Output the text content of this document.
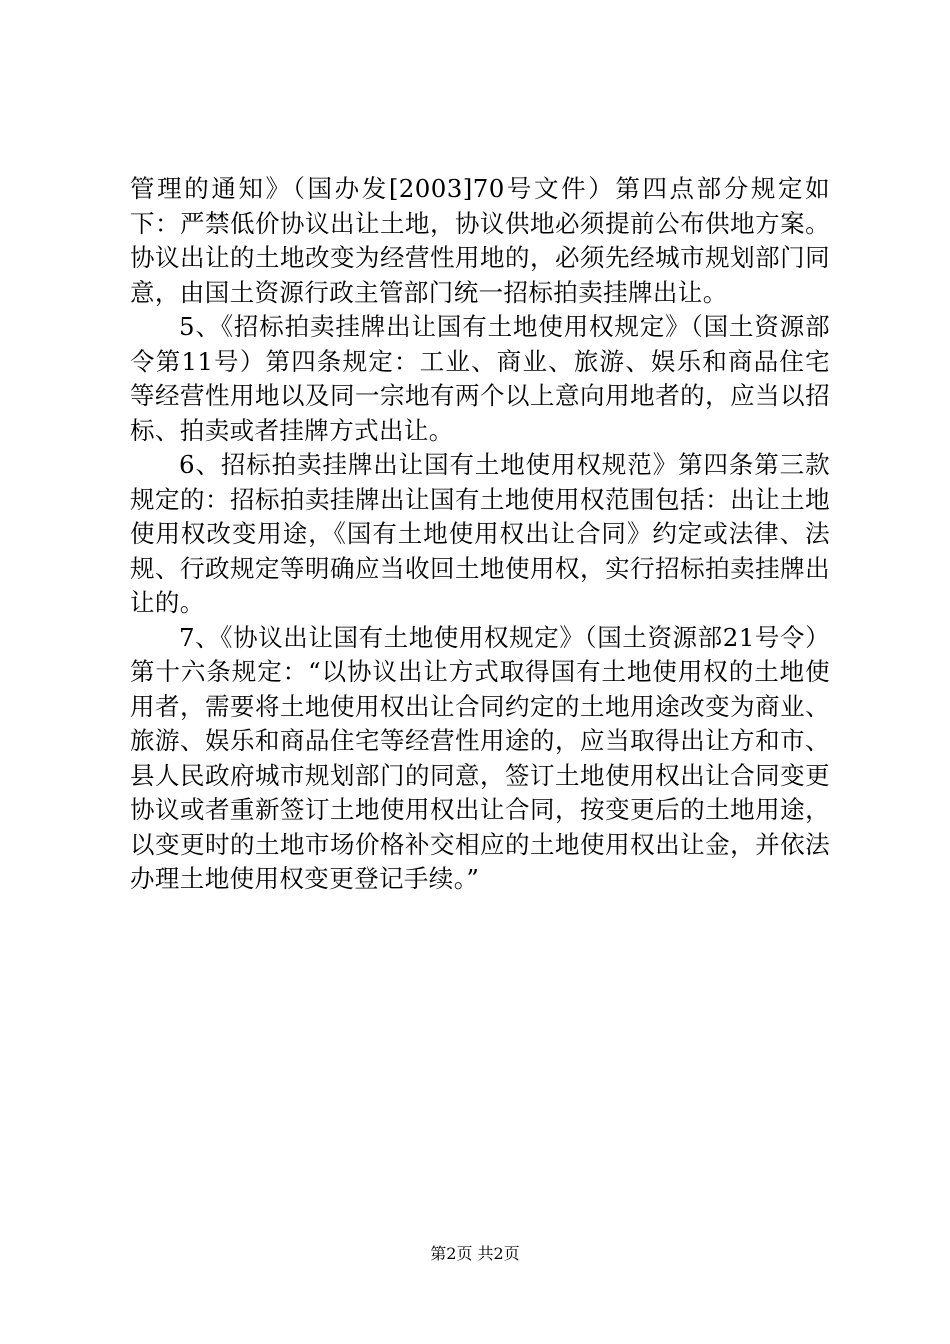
管理的通知》（国办发[2003]70号文件）第四点部分规定如下：严禁低价协议出让土地，协议供地必须提前公布供地方案。协议出让的土地改变为经营性用地的，必须先经城市规划部门同意，由国土资源行政主管部门统一招标拍卖挂牌出让。

5、《招标拍卖挂牌出让国有土地使用权规定》（国土资源部令第11号）第四条规定：工业、商业、旅游、娱乐和商品住宅等经营性用地以及同一宗地有两个以上意向用地者的，应当以招标、拍卖或者挂牌方式出让。

6、招标拍卖挂牌出让国有土地使用权规范》第四条第三款规定的：招标拍卖挂牌出让国有土地使用权范围包括：出让土地使用权改变用途，《国有土地使用权出让合同》约定或法律、法规、行政规定等明确应当收回土地使用权，实行招标拍卖挂牌出让的。

7、《协议出让国有土地使用权规定》（国土资源部21号令）第十六条规定：“以协议出让方式取得国有土地使用权的土地使用者，需要将土地使用权出让合同约定的土地用途改变为商业、旅游、娱乐和商品住宅等经营性用途的，应当取得出让方和市、县人民政府城市规划部门的同意，签订土地使用权出让合同变更协议或者重新签订土地使用权出让合同，按变更后的土地用途，以变更时的土地市场价格补交相应的土地使用权出让金，并依法办理土地使用权变更登记手续。”

第2页 共2页
